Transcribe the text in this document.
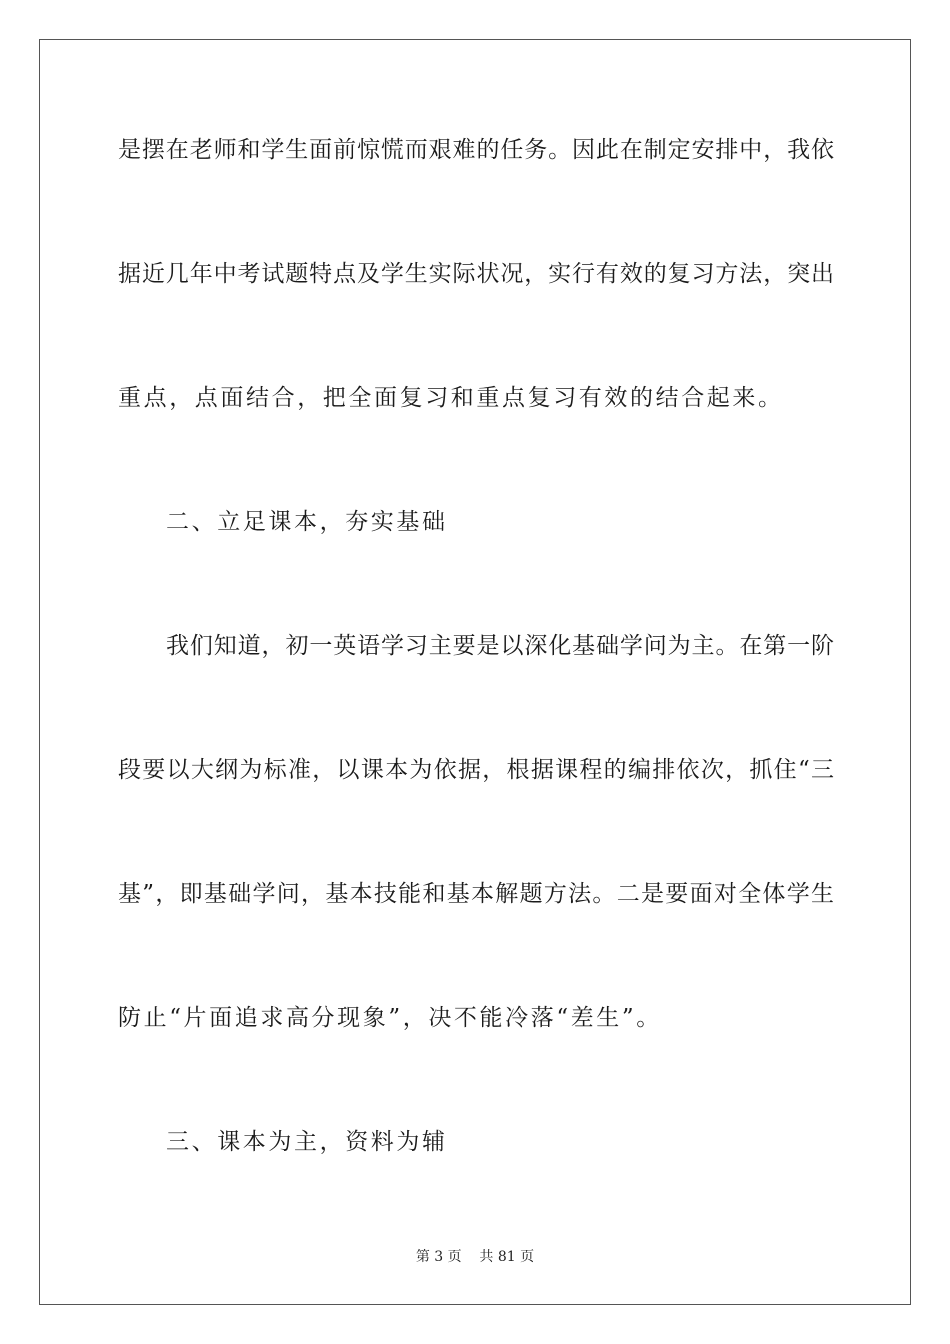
是摆在老师和学生面前惊慌而艰难的任务。因此在制定安排中，我依
据近几年中考试题特点及学生实际状况，实行有效的复习方法，突出
重点，点面结合，把全面复习和重点复习有效的结合起来。
二、立足课本，夯实基础
我们知道，初一英语学习主要是以深化基础学问为主。在第一阶
段要以大纲为标准，以课本为依据，根据课程的编排依次，抓住“三
基”，即基础学问，基本技能和基本解题方法。二是要面对全体学生
防止“片面追求高分现象”，决不能冷落“差生”。
三、课本为主，资料为辅
第 3 页    共 81 页
